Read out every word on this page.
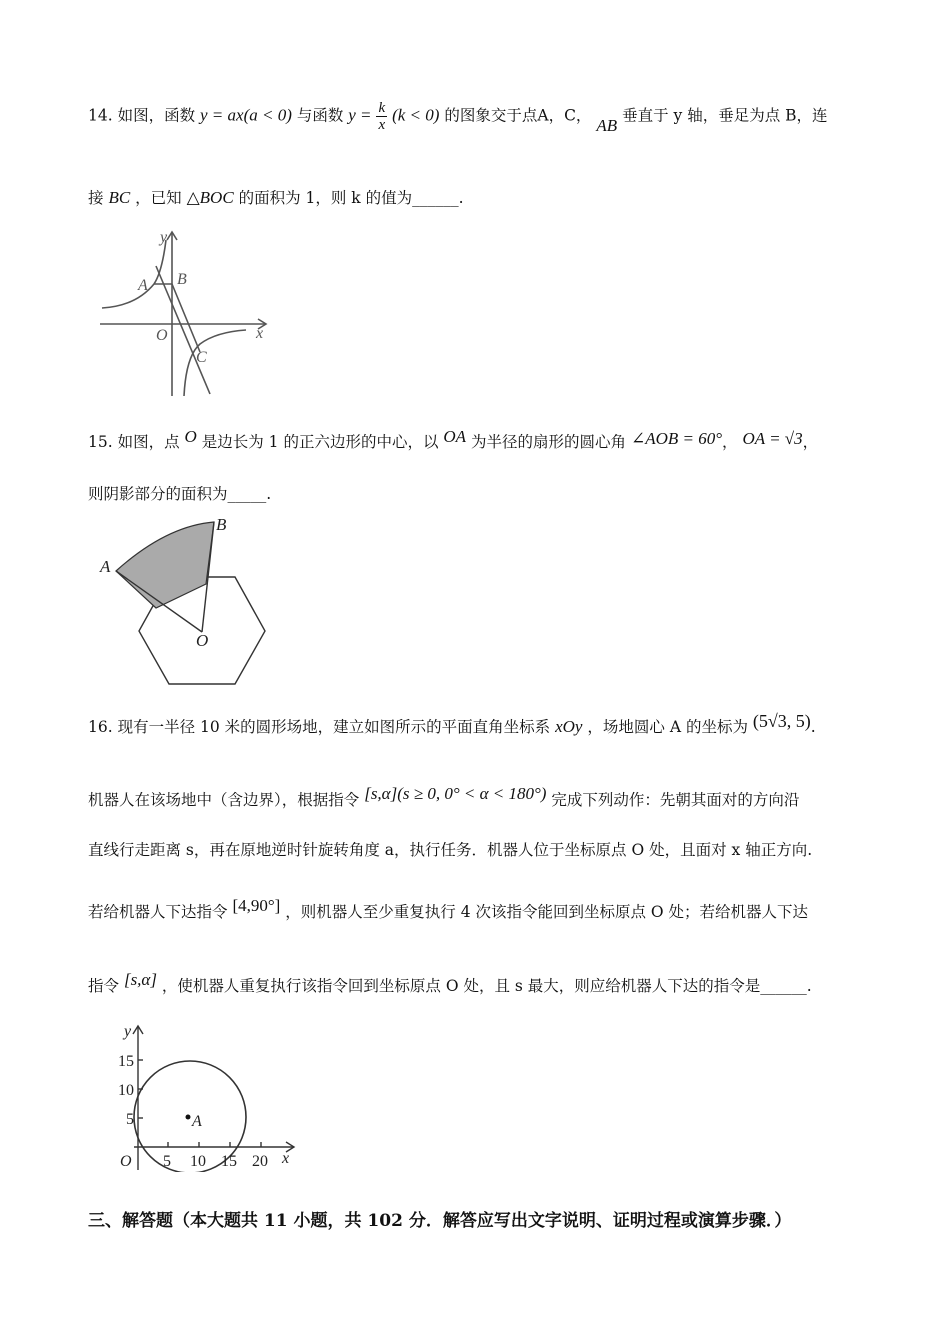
14. 如图，函数 y = ax(a < 0) 与函数 $y = \frac{k}{x} (k < 0)$ 的图象交于点A，C， AB 垂直于 y 轴，垂足为点 B，连
接 BC ，已知 △BOC 的面积为 1，则 k 的值为______.
y
x
A B
O
C
15. 如图，点 O 是边长为 1 的正六边形的中心，以 OA 为半径的扇形的圆心角 ∠AOB = 60°， OA = √3，
则阴影部分的面积为_____.
A
B
O
16. 现有一半径 10 米的圆形场地，建立如图所示的平面直角坐标系 xOy ，场地圆心 A 的坐标为 (5√3, 5).
机器人在该场地中（含边界），根据指令 [s,α](s ≥ 0, 0° < α < 180°) 完成下列动作：先朝其面对的方向沿
直线行走距离 s，再在原地逆时针旋转角度 a，执行任务．机器人位于坐标原点 O 处，且面对 x 轴正方向.
若给机器人下达指令 [4,90°] ，则机器人至少重复执行 4 次该指令能回到坐标原点 O 处；若给机器人下达
指令 [s,α] ，使机器人重复执行该指令回到坐标原点 O 处，且 s 最大，则应给机器人下达的指令是______.
y
x
O
A
15
10
5
5 10 15 20
三、解答题（本大题共 11 小题，共 102 分．解答应写出文字说明、证明过程或演算步骤．）
